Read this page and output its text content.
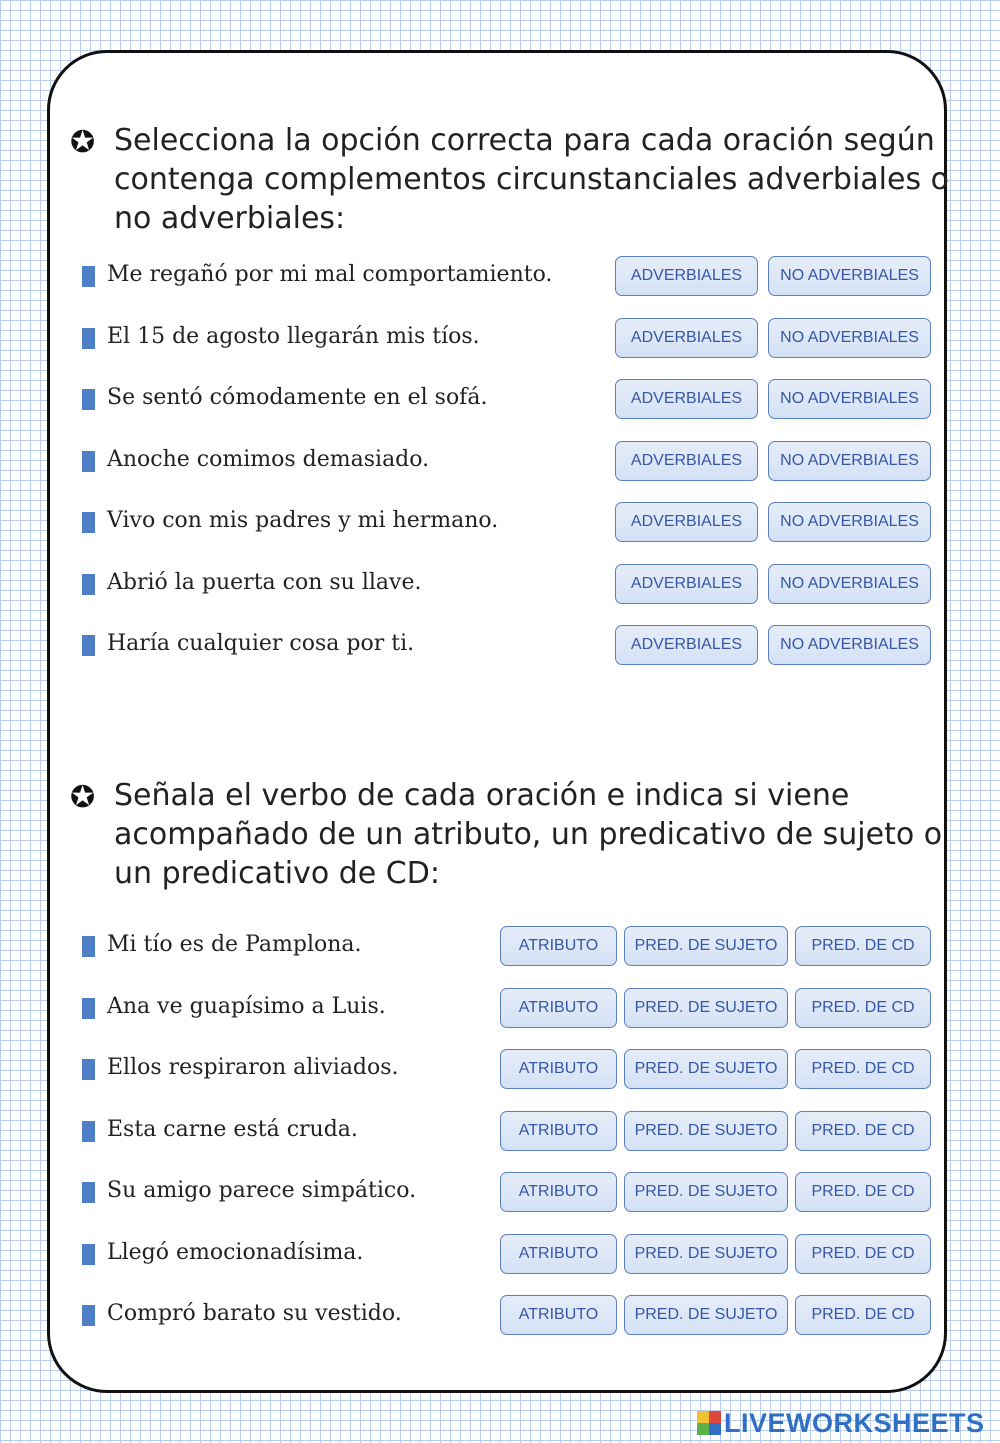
✪ Selecciona la opción correcta para cada oración según contenga complementos circunstanciales adverbiales o no adverbiales:
Me regañó por mi mal comportamiento.	ADVERBIALES	NO ADVERBIALES
El 15 de agosto llegarán mis tíos.	ADVERBIALES	NO ADVERBIALES
Se sentó cómodamente en el sofá.	ADVERBIALES	NO ADVERBIALES
Anoche comimos demasiado.	ADVERBIALES	NO ADVERBIALES
Vivo con mis padres y mi hermano.	ADVERBIALES	NO ADVERBIALES
Abrió la puerta con su llave.	ADVERBIALES	NO ADVERBIALES
Haría cualquier cosa por ti.	ADVERBIALES	NO ADVERBIALES
✪ Señala el verbo de cada oración e indica si viene acompañado de un atributo, un predicativo de sujeto o un predicativo de CD:
Mi tío es de Pamplona.	ATRIBUTO	PRED. DE SUJETO	PRED. DE CD
Ana ve guapísimo a Luis.	ATRIBUTO	PRED. DE SUJETO	PRED. DE CD
Ellos respiraron aliviados.	ATRIBUTO	PRED. DE SUJETO	PRED. DE CD
Esta carne está cruda.	ATRIBUTO	PRED. DE SUJETO	PRED. DE CD
Su amigo parece simpático.	ATRIBUTO	PRED. DE SUJETO	PRED. DE CD
Llegó emocionadísima.	ATRIBUTO	PRED. DE SUJETO	PRED. DE CD
Compró barato su vestido.	ATRIBUTO	PRED. DE SUJETO	PRED. DE CD
LIVEWORKSHEETS
